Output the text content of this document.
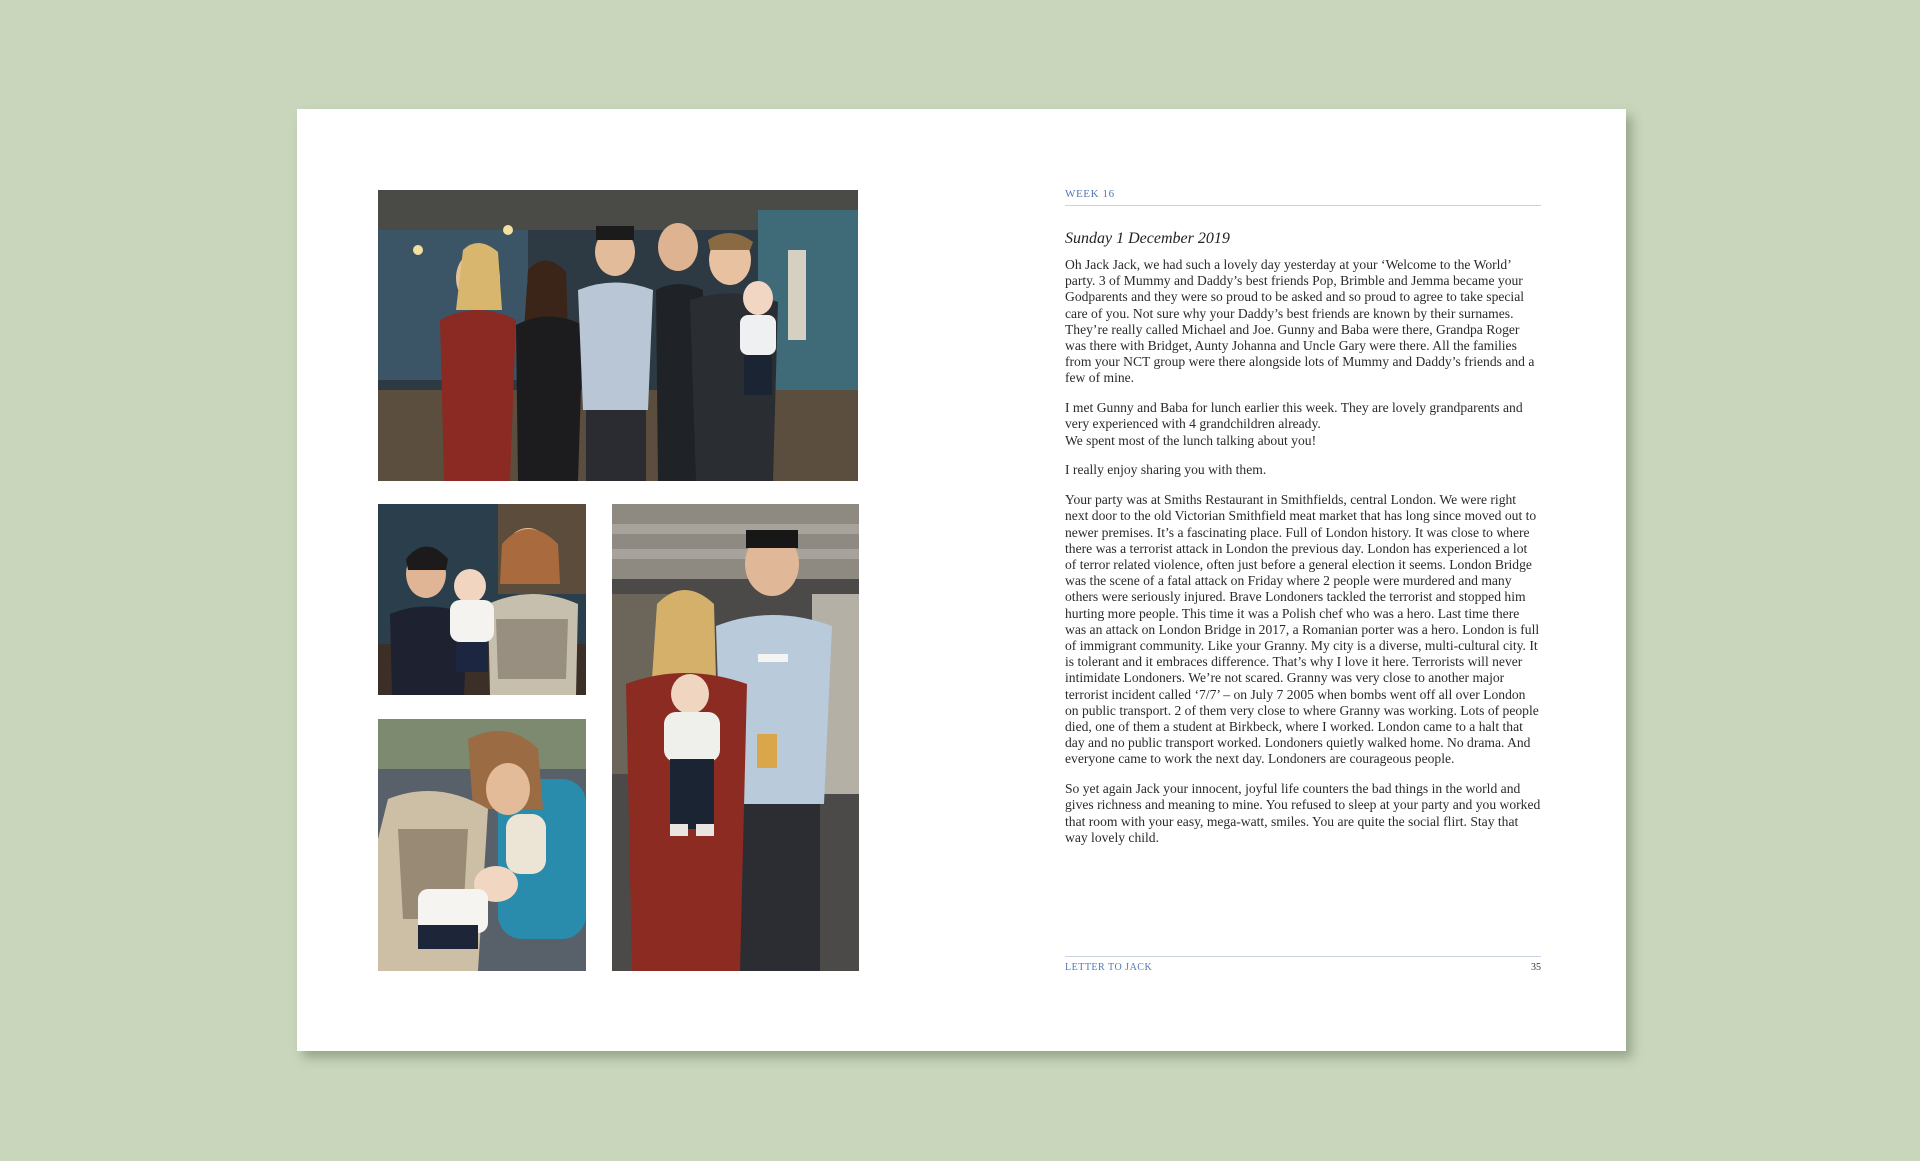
WEEK 16
Sunday 1 December 2019

Oh Jack Jack, we had such a lovely day yesterday at your ‘Welcome to the World’ party. 3 of Mummy and Daddy’s best friends Pop, Brimble and Jemma became your Godparents and they were so proud to be asked and so proud to agree to take special care of you. Not sure why your Daddy’s best friends are known by their surnames. They’re really called Michael and Joe. Gunny and Baba were there, Grandpa Roger was there with Bridget, Aunty Johanna and Uncle Gary were there. All the families from your NCT group were there alongside lots of Mummy and Daddy’s friends and a few of mine.

I met Gunny and Baba for lunch earlier this week. They are lovely grandparents and very experienced with 4 grandchildren already.
We spent most of the lunch talking about you!

I really enjoy sharing you with them.

Your party was at Smiths Restaurant in Smithfields, central London. We were right next door to the old Victorian Smithfield meat market that has long since moved out to newer premises. It’s a fascinating place. Full of London history. It was close to where there was a terrorist attack in London the previous day. London has experienced a lot of terror related violence, often just before a general election it seems. London Bridge was the scene of a fatal attack on Friday where 2 people were murdered and many others were seriously injured. Brave Londoners tackled the terrorist and stopped him hurting more people. This time it was a Polish chef who was a hero. Last time there was an attack on London Bridge in 2017, a Romanian porter was a hero. London is full of immigrant community. Like your Granny. My city is a diverse, multi-cultural city. It is tolerant and it embraces difference. That’s why I love it here. Terrorists will never intimidate Londoners. We’re not scared. Granny was very close to another major terrorist incident called ‘7/7’ – on July 7 2005 when bombs went off all over London on public transport. 2 of them very close to where Granny was working. Lots of people died, one of them a student at Birkbeck, where I worked. London came to a halt that day and no public transport worked. Londoners quietly walked home. No drama. And everyone came to work the next day. Londoners are courageous people.

So yet again Jack your innocent, joyful life counters the bad things in the world and gives richness and meaning to mine. You refused to sleep at your party and you worked that room with your easy, mega-watt, smiles. You are quite the social flirt. Stay that way lovely child.

LETTER TO JACK	35
